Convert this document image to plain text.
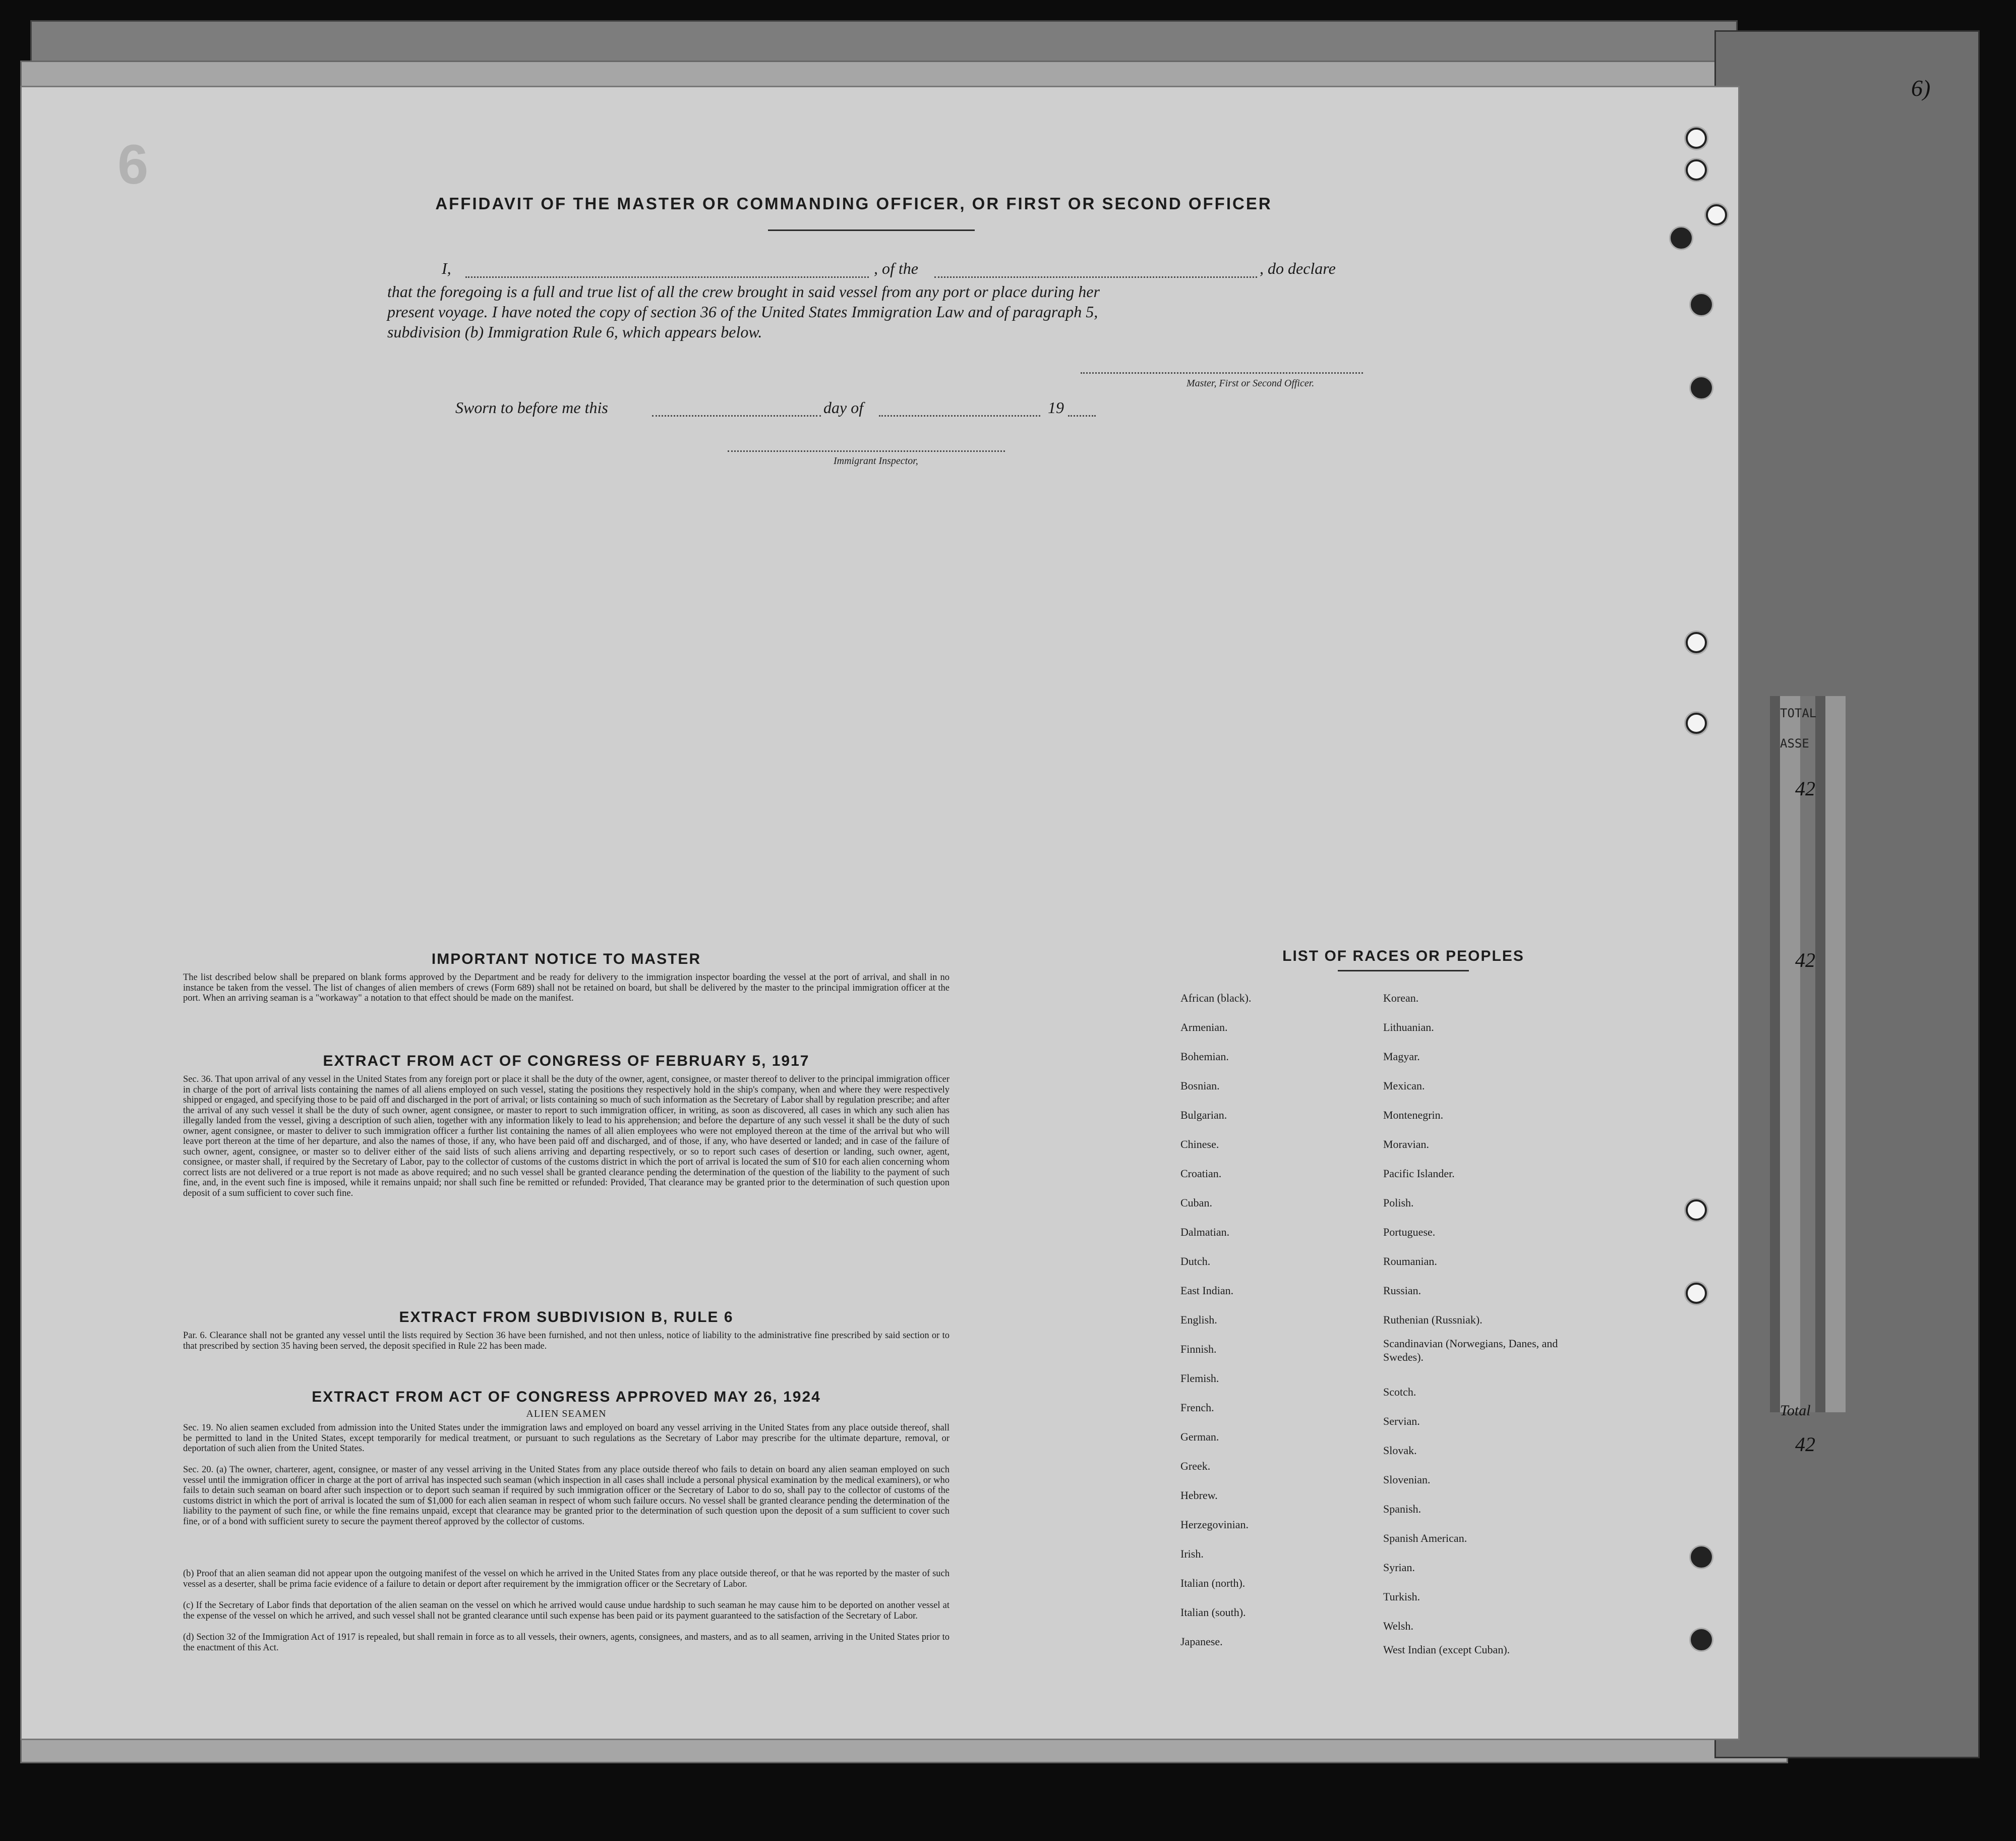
6)
TOTAL
ASSE
42
42
Total
42
6
AFFIDAVIT OF THE MASTER OR COMMANDING OFFICER, OR FIRST OR SECOND OFFICER
I,	, of the	, do declare
that the foregoing is a full and true list of all the crew brought in said vessel from any port or place during her
present voyage. I have noted the copy of section 36 of the United States Immigration Law and of paragraph 5,
subdivision (b) Immigration Rule 6, which appears below.
Master, First or Second Officer.
Sworn to before me this	day of	19
Immigrant Inspector,
IMPORTANT NOTICE TO MASTER
The list described below shall be prepared on blank forms approved by the Department and be ready for delivery to the immigration inspector boarding the vessel at the port of arrival, and shall in no instance be taken from the vessel. The list of changes of alien members of crews (Form 689) shall not be retained on board, but shall be delivered by the master to the principal immigration officer at the port. When an arriving seaman is a "workaway" a notation to that effect should be made on the manifest.
EXTRACT FROM ACT OF CONGRESS OF FEBRUARY 5, 1917
Sec. 36. That upon arrival of any vessel in the United States from any foreign port or place it shall be the duty of the owner, agent, consignee, or master thereof to deliver to the principal immigration officer in charge of the port of arrival lists containing the names of all aliens employed on such vessel, stating the positions they respectively hold in the ship's company, when and where they were respectively shipped or engaged, and specifying those to be paid off and discharged in the port of arrival; or lists containing so much of such information as the Secretary of Labor shall by regulation prescribe; and after the arrival of any such vessel it shall be the duty of such owner, agent consignee, or master to report to such immigration officer, in writing, as soon as discovered, all cases in which any such alien has illegally landed from the vessel, giving a description of such alien, together with any information likely to lead to his apprehension; and before the departure of any such vessel it shall be the duty of such owner, agent consignee, or master to deliver to such immigration officer a further list containing the names of all alien employees who were not employed thereon at the time of the arrival but who will leave port thereon at the time of her departure, and also the names of those, if any, who have been paid off and discharged, and of those, if any, who have deserted or landed; and in case of the failure of such owner, agent, consignee, or master so to deliver either of the said lists of such aliens arriving and departing respectively, or so to report such cases of desertion or landing, such owner, agent, consignee, or master shall, if required by the Secretary of Labor, pay to the collector of customs of the customs district in which the port of arrival is located the sum of $10 for each alien concerning whom correct lists are not delivered or a true report is not made as above required; and no such vessel shall be granted clearance pending the determination of the question of the liability to the payment of such fine, and, in the event such fine is imposed, while it remains unpaid; nor shall such fine be remitted or refunded: Provided, That clearance may be granted prior to the determination of such question upon deposit of a sum sufficient to cover such fine.
EXTRACT FROM SUBDIVISION B, RULE 6
Par. 6. Clearance shall not be granted any vessel until the lists required by Section 36 have been furnished, and not then unless, notice of liability to the administrative fine prescribed by said section or to that prescribed by section 35 having been served, the deposit specified in Rule 22 has been made.
EXTRACT FROM ACT OF CONGRESS APPROVED MAY 26, 1924
ALIEN SEAMEN
Sec. 19. No alien seamen excluded from admission into the United States under the immigration laws and employed on board any vessel arriving in the United States from any place outside thereof, shall be permitted to land in the United States, except temporarily for medical treatment, or pursuant to such regulations as the Secretary of Labor may prescribe for the ultimate departure, removal, or deportation of such alien from the United States.
Sec. 20. (a) The owner, charterer, agent, consignee, or master of any vessel arriving in the United States from any place outside thereof who fails to detain on board any alien seaman employed on such vessel until the immigration officer in charge at the port of arrival has inspected such seaman (which inspection in all cases shall include a personal physical examination by the medical examiners), or who fails to detain such seaman on board after such inspection or to deport such seaman if required by such immigration officer or the Secretary of Labor to do so, shall pay to the collector of customs of the customs district in which the port of arrival is located the sum of $1,000 for each alien seaman in respect of whom such failure occurs. No vessel shall be granted clearance pending the determination of the liability to the payment of such fine, or while the fine remains unpaid, except that clearance may be granted prior to the determination of such question upon the deposit of a sum sufficient to cover such fine, or of a bond with sufficient surety to secure the payment thereof approved by the collector of customs.
(b) Proof that an alien seaman did not appear upon the outgoing manifest of the vessel on which he arrived in the United States from any place outside thereof, or that he was reported by the master of such vessel as a deserter, shall be prima facie evidence of a failure to detain or deport after requirement by the immigration officer or the Secretary of Labor.
(c) If the Secretary of Labor finds that deportation of the alien seaman on the vessel on which he arrived would cause undue hardship to such seaman he may cause him to be deported on another vessel at the expense of the vessel on which he arrived, and such vessel shall not be granted clearance until such expense has been paid or its payment guaranteed to the satisfaction of the Secretary of Labor.
(d) Section 32 of the Immigration Act of 1917 is repealed, but shall remain in force as to all vessels, their owners, agents, consignees, and masters, and as to all seamen, arriving in the United States prior to the enactment of this Act.
LIST OF RACES OR PEOPLES
African (black).
Armenian.
Bohemian.
Bosnian.
Bulgarian.
Chinese.
Croatian.
Cuban.
Dalmatian.
Dutch.
East Indian.
English.
Finnish.
Flemish.
French.
German.
Greek.
Hebrew.
Herzegovinian.
Irish.
Italian (north).
Italian (south).
Japanese.
Korean.
Lithuanian.
Magyar.
Mexican.
Montenegrin.
Moravian.
Pacific Islander.
Polish.
Portuguese.
Roumanian.
Russian.
Ruthenian (Russniak).
Scandinavian (Norwegians, Danes, and Swedes).
Scotch.
Servian.
Slovak.
Slovenian.
Spanish.
Spanish American.
Syrian.
Turkish.
Welsh.
West Indian (except Cuban).
